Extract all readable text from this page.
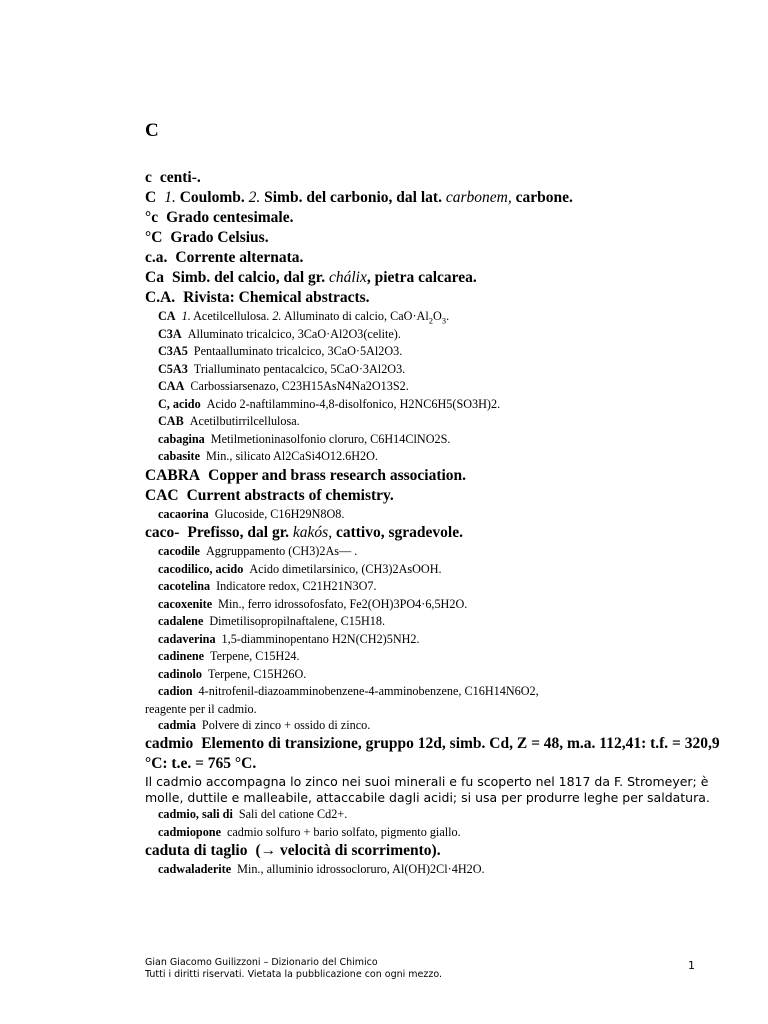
C

c centi-.

C 1. Coulomb. 2. Simb. del carbonio, dal lat. carbonem, carbone.

°c Grado centesimale.

°C Grado Celsius.

c.a. Corrente alternata.

Ca Simb. del calcio, dal gr. chálix, pietra calcarea.

C.A. Rivista: Chemical abstracts.

CA 1. Acetilcellulosa. 2. Alluminato di calcio, $CaO\cdot Al_2O_3$.

C3A Alluminato tricalcico, 3CaO·Al2O3(celite).

C3A5 Pentaalluminato tricalcico, 3CaO·5Al2O3.

C5A3 Trialluminato pentacalcico, 5CaO·3Al2O3.

CAA Carbossiarsenazo, C23H15AsN4Na2O13S2.

C, acido Acido 2-naftilammino-4,8-disolfonico, H2NC6H5(SO3H)2.

CAB Acetilbutirrilcellulosa.

cabagina Metilmetioninasolfonio cloruro, C6H14ClNO2S.

cabasite Min., silicato Al2CaSi4O12.6H2O.

CABRA Copper and brass research association.

CAC Current abstracts of chemistry.

cacaorina Glucoside, C16H29N8O8.

caco- Prefisso, dal gr. kakós, cattivo, sgradevole.

cacodile Aggruppamento (CH3)2As— .

cacodilico, acido Acido dimetilarsinico, (CH3)2AsOOH.

cacotelina Indicatore redox, C21H21N3O7.

cacoxenite Min., ferro idrossofosfato, Fe2(OH)3PO4·6,5H2O.

cadalene Dimetilisopropilnaftalene, C15H18.

cadaverina 1,5-diamminopentano H2N(CH2)5NH2.

cadinene Terpene, C15H24.

cadinolo Terpene, C15H26O.

cadion 4-nitrofenil-diazoamminobenzene-4-amminobenzene, C16H14N6O2,

reagente per il cadmio.

cadmia Polvere di zinco + ossido di zinco.

cadmio Elemento di transizione, gruppo 12d, simb. Cd, Z = 48, m.a. 112,41: t.f. = 320,9 °C: t.e. = 765 °C.

Il cadmio accompagna lo zinco nei suoi minerali e fu scoperto nel 1817 da F. Stromeyer; è molle, duttile e malleabile, attaccabile dagli acidi; si usa per produrre leghe per saldatura.

cadmio, sali di Sali del catione Cd2+.

cadmiopone cadmio solfuro + bario solfato, pigmento giallo.

caduta di taglio (→ velocità di scorrimento).

cadwaladerite Min., alluminio idrossocloruro, Al(OH)2Cl·4H2O.

Gian Giacomo Guilizzoni – Dizionario del Chimico
Tutti i diritti riservati. Vietata la pubblicazione con ogni mezzo.
1
